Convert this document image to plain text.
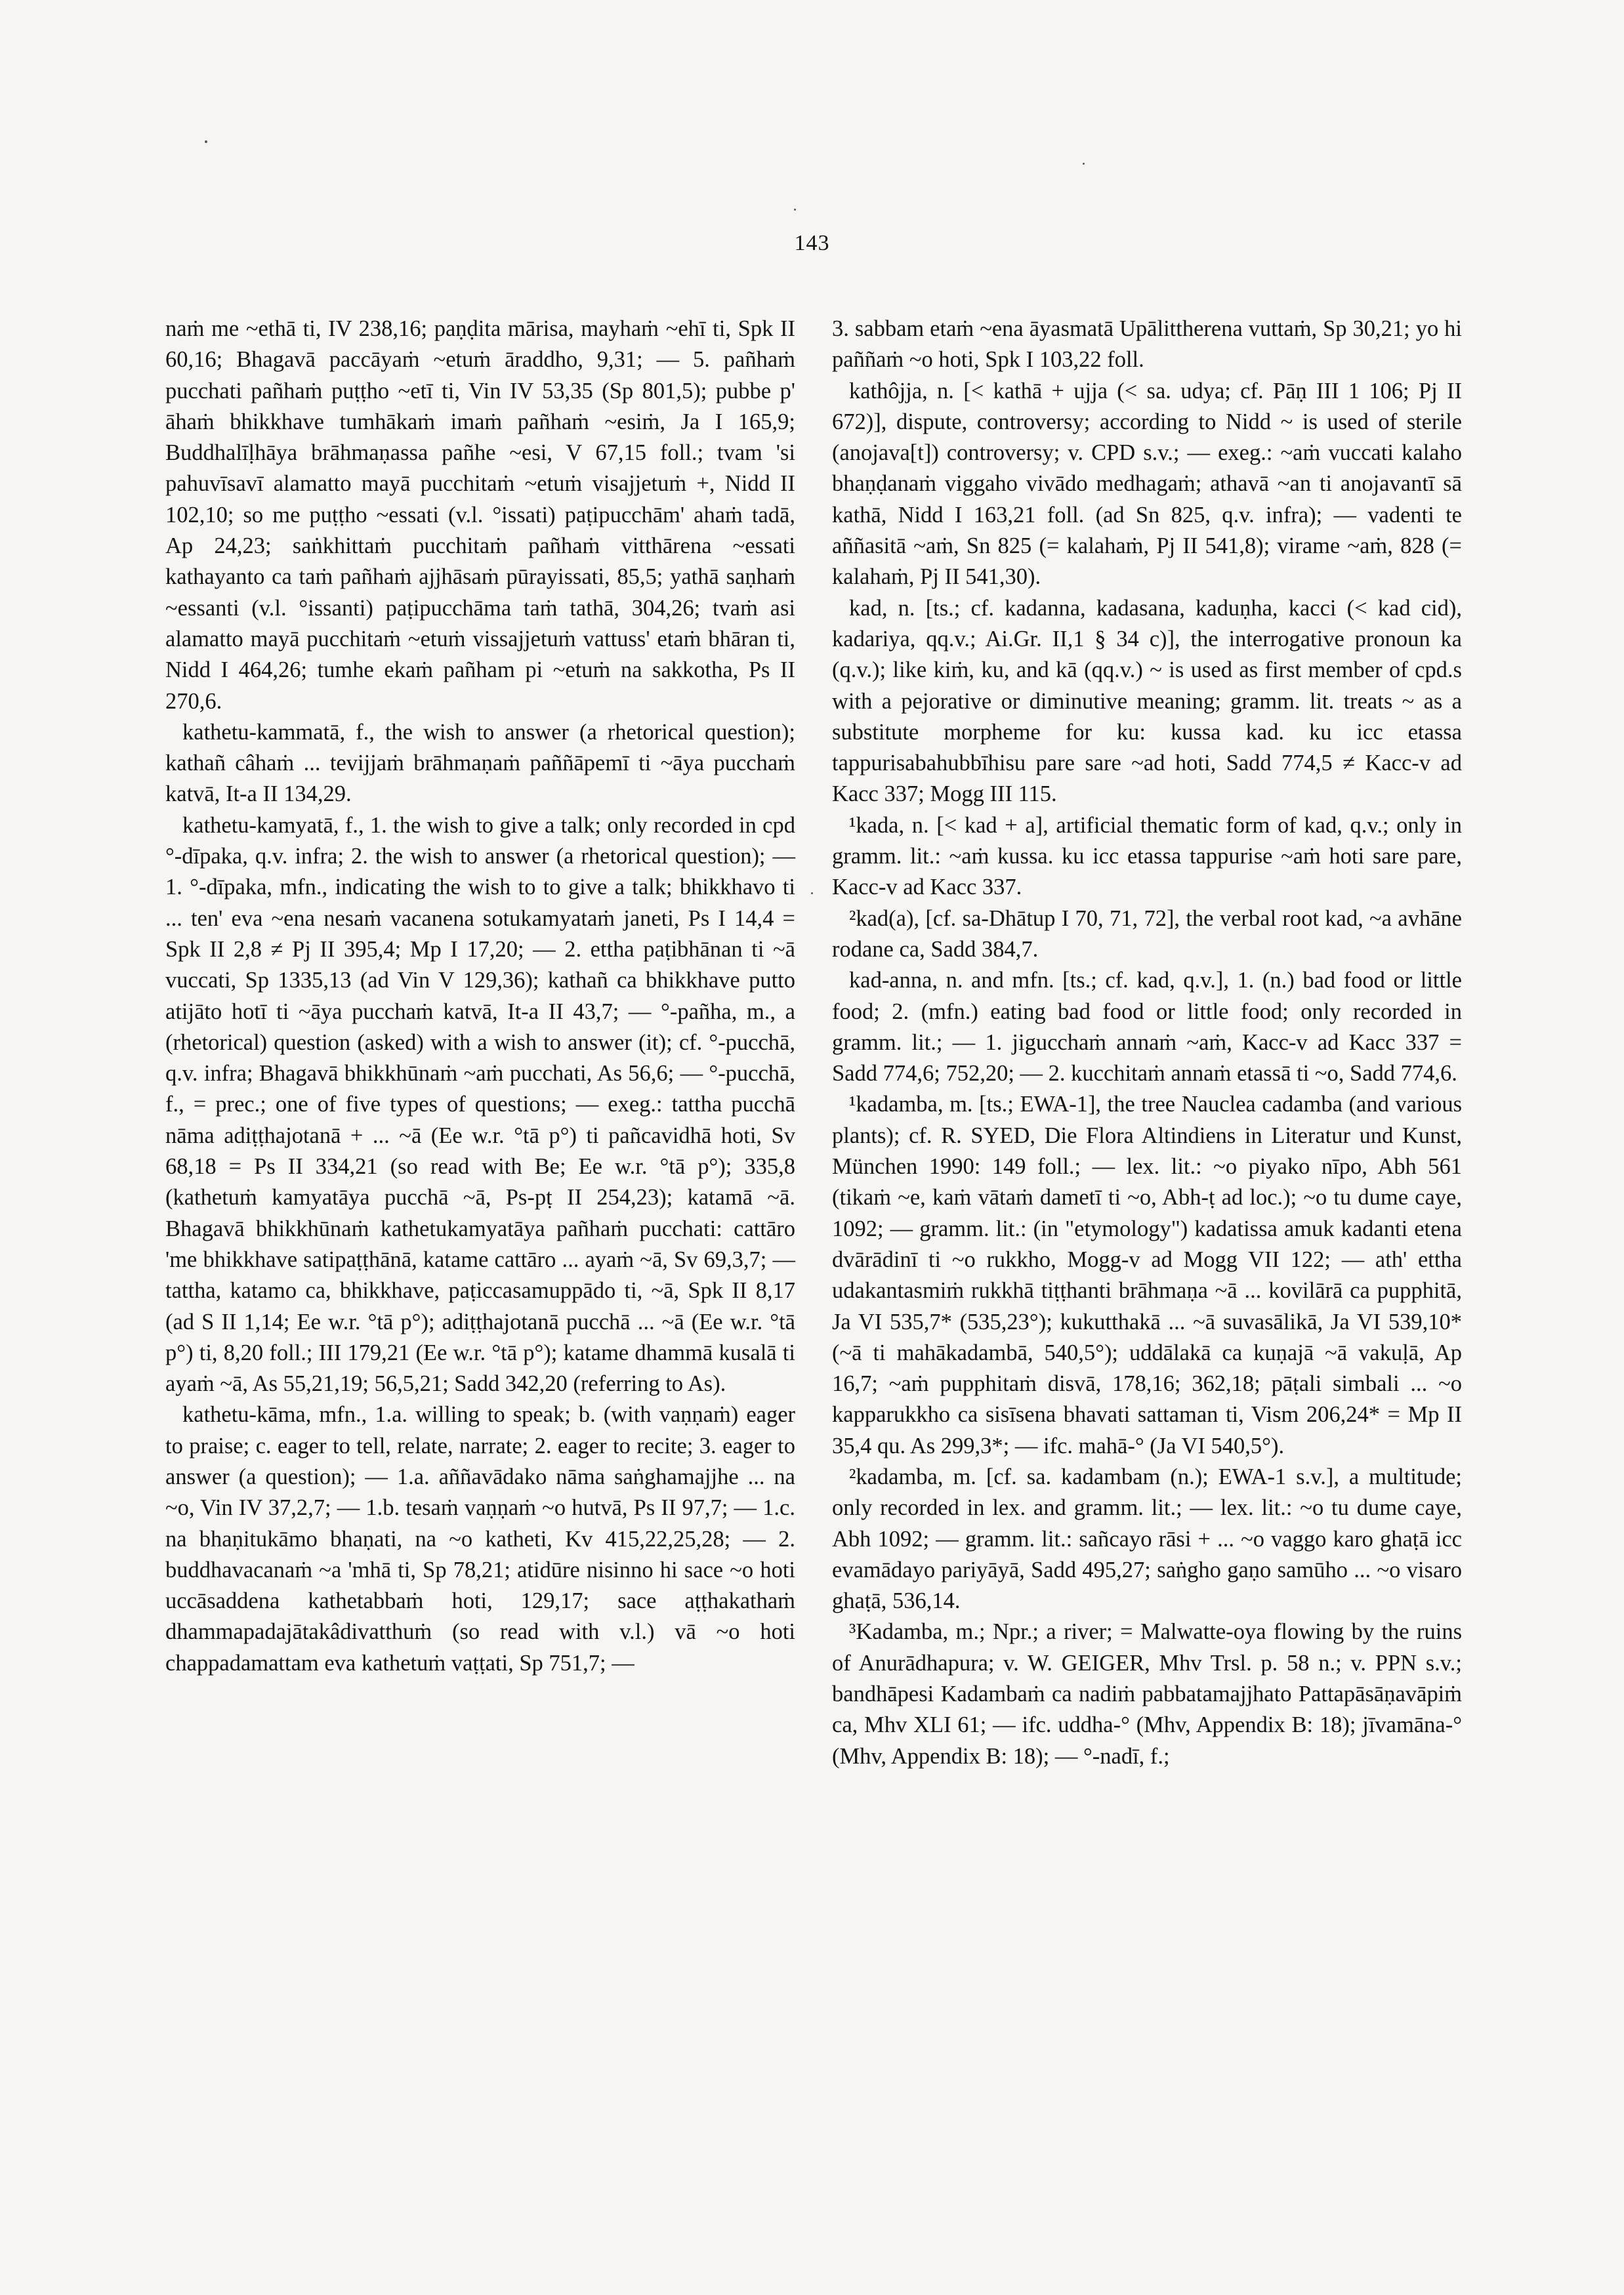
143

naṁ me ~ethā ti, IV 238,16; paṇḍita mārisa, mayhaṁ ~ehī ti, Spk II 60,16; Bhagavā paccāyaṁ ~etuṁ āraddho, 9,31; — 5. pañhaṁ pucchati pañhaṁ puṭṭho ~etī ti, Vin IV 53,35 (Sp 801,5); pubbe p' āhaṁ bhikkhave tumhākaṁ imaṁ pañhaṁ ~esiṁ, Ja I 165,9; Buddhalīḷhāya brāhmaṇassa pañhe ~esi, V 67,15 foll.; tvam 'si pahuvīsavī alamatto mayā pucchitaṁ ~etuṁ visajjetuṁ +, Nidd II 102,10; so me puṭṭho ~essati (v.l. °issati) paṭipucchām' ahaṁ tadā, Ap 24,23; saṅkhittaṁ pucchitaṁ pañhaṁ vitthārena ~essati kathayanto ca taṁ pañhaṁ ajjhāsaṁ pūrayissati, 85,5; yathā saṇhaṁ ~essanti (v.l. °issanti) paṭipucchāma taṁ tathā, 304,26; tvaṁ asi alamatto mayā pucchitaṁ ~etuṁ vissajjetuṁ vattuss' etaṁ bhāran ti, Nidd I 464,26; tumhe ekaṁ pañham pi ~etuṁ na sakkotha, Ps II 270,6.

kathetu-kammatā, f., the wish to answer (a rhetorical question); kathañ câhaṁ ... tevijjaṁ brāhmaṇaṁ paññāpemī ti ~āya pucchaṁ katvā, It-a II 134,29.

kathetu-kamyatā, f., 1. the wish to give a talk; only recorded in cpd °-dīpaka, q.v. infra; 2. the wish to answer (a rhetorical question); — 1. °-dīpaka, mfn., indicating the wish to to give a talk; bhikkhavo ti ... ten' eva ~ena nesaṁ vacanena sotukamyataṁ janeti, Ps I 14,4 = Spk II 2,8 ≠ Pj II 395,4; Mp I 17,20; — 2. ettha paṭibhānan ti ~ā vuccati, Sp 1335,13 (ad Vin V 129,36); kathañ ca bhikkhave putto atijāto hotī ti ~āya pucchaṁ katvā, It-a II 43,7; — °-pañha, m., a (rhetorical) question (asked) with a wish to answer (it); cf. °-pucchā, q.v. infra; Bhagavā bhikkhūnaṁ ~aṁ pucchati, As 56,6; — °-pucchā, f., = prec.; one of five types of questions; — exeg.: tattha pucchā nāma adiṭṭhajotanā + ... ~ā (Ee w.r. °tā p°) ti pañcavidhā hoti, Sv 68,18 = Ps II 334,21 (so read with Be; Ee w.r. °tā p°); 335,8 (kathetuṁ kamyatāya pucchā ~ā, Ps-pṭ II 254,23); katamā ~ā. Bhagavā bhikkhūnaṁ kathetukamyatāya pañhaṁ pucchati: cattāro 'me bhikkhave satipaṭṭhānā, katame cattāro ... ayaṁ ~ā, Sv 69,3,7; — tattha, katamo ca, bhikkhave, paṭiccasamuppādo ti, ~ā, Spk II 8,17 (ad S II 1,14; Ee w.r. °tā p°); adiṭṭhajotanā pucchā ... ~ā (Ee w.r. °tā p°) ti, 8,20 foll.; III 179,21 (Ee w.r. °tā p°); katame dhammā kusalā ti ayaṁ ~ā, As 55,21,19; 56,5,21; Sadd 342,20 (referring to As).

kathetu-kāma, mfn., 1.a. willing to speak; b. (with vaṇṇaṁ) eager to praise; c. eager to tell, relate, narrate; 2. eager to recite; 3. eager to answer (a question); — 1.a. aññavādako nāma saṅghamajjhe ... na ~o, Vin IV 37,2,7; — 1.b. tesaṁ vaṇṇaṁ ~o hutvā, Ps II 97,7; — 1.c. na bhaṇitukāmo bhaṇati, na ~o katheti, Kv 415,22,25,28; — 2. buddhavacanaṁ ~a 'mhā ti, Sp 78,21; atidūre nisinno hi sace ~o hoti uccāsaddena kathetabbaṁ hoti, 129,17; sace aṭṭhakathaṁ dhammapadajātakâdivatthuṁ (so read with v.l.) vā ~o hoti chappadamattam eva kathetuṁ vaṭṭati, Sp 751,7; —

3. sabbam etaṁ ~ena āyasmatā Upālittherena vuttaṁ, Sp 30,21; yo hi paññaṁ ~o hoti, Spk I 103,22 foll.

kathôjja, n. [< kathā + ujja (< sa. udya; cf. Pāṇ III 1 106; Pj II 672)], dispute, controversy; according to Nidd ~ is used of sterile (anojava[t]) controversy; v. CPD s.v.; — exeg.: ~aṁ vuccati kalaho bhaṇḍanaṁ viggaho vivādo medhagaṁ; athavā ~an ti anojavantī sā kathā, Nidd I 163,21 foll. (ad Sn 825, q.v. infra); — vadenti te aññasitā ~aṁ, Sn 825 (= kalahaṁ, Pj II 541,8); virame ~aṁ, 828 (= kalahaṁ, Pj II 541,30).

kad, n. [ts.; cf. kadanna, kadasana, kaduṇha, kacci (< kad cid), kadariya, qq.v.; Ai.Gr. II,1 § 34 c)], the interrogative pronoun ka (q.v.); like kiṁ, ku, and kā (qq.v.) ~ is used as first member of cpd.s with a pejorative or diminutive meaning; gramm. lit. treats ~ as a substitute morpheme for ku: kussa kad. ku icc etassa tappurisabahubbīhisu pare sare ~ad hoti, Sadd 774,5 ≠ Kacc-v ad Kacc 337; Mogg III 115.

¹kada, n. [< kad + a], artificial thematic form of kad, q.v.; only in gramm. lit.: ~aṁ kussa. ku icc etassa tappurise ~aṁ hoti sare pare, Kacc-v ad Kacc 337.

²kad(a), [cf. sa-Dhātup I 70, 71, 72], the verbal root kad, ~a avhāne rodane ca, Sadd 384,7.

kad-anna, n. and mfn. [ts.; cf. kad, q.v.], 1. (n.) bad food or little food; 2. (mfn.) eating bad food or little food; only recorded in gramm. lit.; — 1. jigucchaṁ annaṁ ~aṁ, Kacc-v ad Kacc 337 = Sadd 774,6; 752,20; — 2. kucchitaṁ annaṁ etassā ti ~o, Sadd 774,6.

¹kadamba, m. [ts.; EWA-1], the tree Nauclea cadamba (and various plants); cf. R. SYED, Die Flora Altindiens in Literatur und Kunst, München 1990: 149 foll.; — lex. lit.: ~o piyako nīpo, Abh 561 (tikaṁ ~e, kaṁ vātaṁ dametī ti ~o, Abh-ṭ ad loc.); ~o tu dume caye, 1092; — gramm. lit.: (in "etymology") kadatissa amuk kadanti etena dvārādinī ti ~o rukkho, Mogg-v ad Mogg VII 122; — ath' ettha udakantasmiṁ rukkhā tiṭṭhanti brāhmaṇa ~ā ... kovilārā ca pupphitā, Ja VI 535,7* (535,23°); kukutthakā ... ~ā suvasālikā, Ja VI 539,10* (~ā ti mahākadambā, 540,5°); uddālakā ca kuṇajā ~ā vakuḷā, Ap 16,7; ~aṁ pupphitaṁ disvā, 178,16; 362,18; pāṭali simbali ... ~o kapparukkho ca sisīsena bhavati sattaman ti, Vism 206,24* = Mp II 35,4 qu. As 299,3*; — ifc. mahā-° (Ja VI 540,5°).

²kadamba, m. [cf. sa. kadambam (n.); EWA-1 s.v.], a multitude; only recorded in lex. and gramm. lit.; — lex. lit.: ~o tu dume caye, Abh 1092; — gramm. lit.: sañcayo rāsi + ... ~o vaggo karo ghaṭā icc evamādayo pariyāyā, Sadd 495,27; saṅgho gaṇo samūho ... ~o visaro ghaṭā, 536,14.

³Kadamba, m.; Npr.; a river; = Malwatte-oya flowing by the ruins of Anurādhapura; v. W. GEIGER, Mhv Trsl. p. 58 n.; v. PPN s.v.; bandhāpesi Kadambaṁ ca nadiṁ pabbatamajjhato Pattapāsāṇavāpiṁ ca, Mhv XLI 61; — ifc. uddha-° (Mhv, Appendix B: 18); jīvamāna-° (Mhv, Appendix B: 18); — °-nadī, f.;
